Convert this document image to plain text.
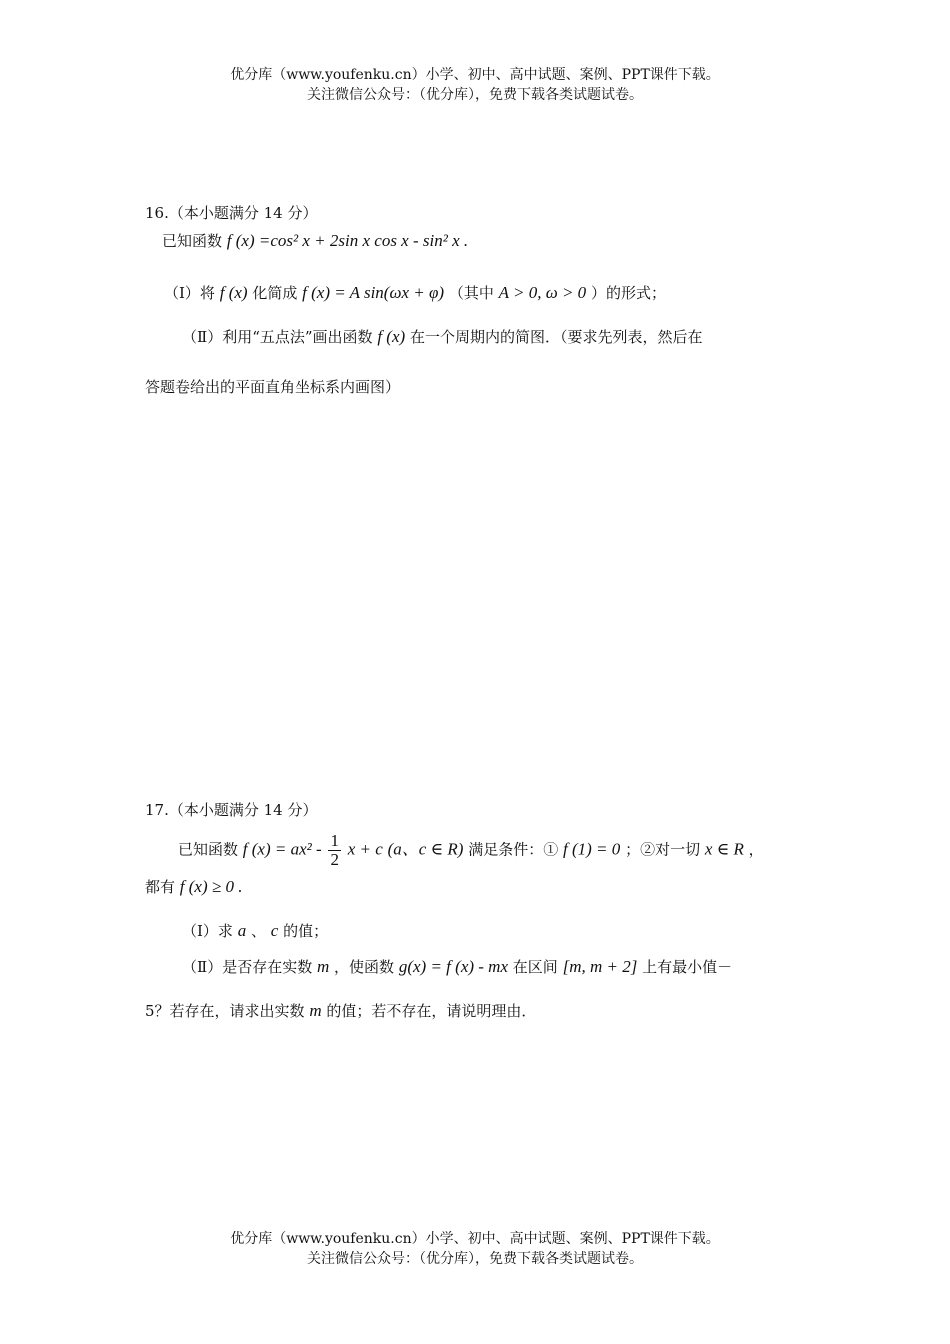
优分库（www.youfenku.cn）小学、初中、高中试题、案例、PPT课件下载。
关注微信公众号：（优分库），免费下载各类试题试卷。
16.（本小题满分 14 分）
已知函数 f (x) =cos² x + 2sin x cos x - sin² x .
（Ⅰ）将 f (x) 化简成 f (x) = A sin(ωx + φ) （其中 A > 0, ω > 0 ）的形式；
（Ⅱ）利用“五点法”画出函数 f (x) 在一个周期内的简图．（要求先列表，然后在
答题卷给出的平面直角坐标系内画图）
17.（本小题满分 14 分）
已知函数 f $(x) = ax^2 - \frac{1}{2}$ x + c (a、c ∈ R) 满足条件：① f (1) = 0 ；②对一切 x ∈ R ，
都有 f (x) ≥ 0 .
（Ⅰ）求 a 、 c 的值；
（Ⅱ）是否存在实数 m ，使函数 g(x) = f (x) - mx 在区间 [m, m + 2] 上有最小值－
5？若存在，请求出实数 m 的值；若不存在，请说明理由．
优分库（www.youfenku.cn）小学、初中、高中试题、案例、PPT课件下载。
关注微信公众号：（优分库），免费下载各类试题试卷。
